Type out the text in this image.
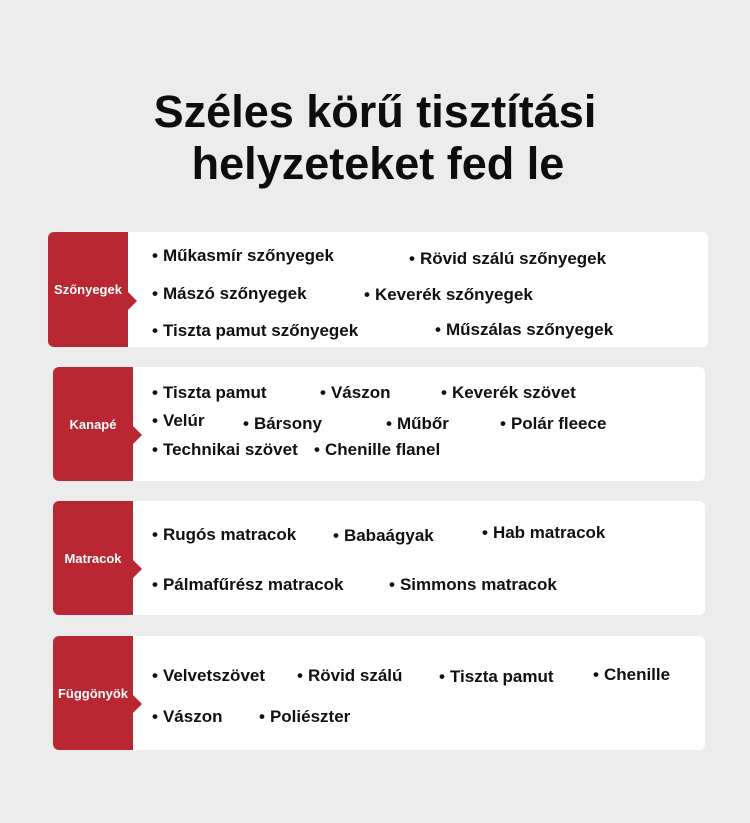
Széles körű tisztítási
helyzeteket fed le
Szőnyegek
• Műkasmír szőnyegek	• Rövid szálú szőnyegek
• Mászó szőnyegek	• Keverék szőnyegek
• Tiszta pamut szőnyegek	• Műszálas szőnyegek
Kanapé
• Tiszta pamut	• Vászon	• Keverék szövet
• Velúr • Bársony	• Műbőr	• Polár fleece
• Technikai szövet • Chenille flanel
Matracok
• Rugós matracok • Babaágyak	• Hab matracok
• Pálmafűrész matracok	• Simmons matracok
Függönyök
• Velvetszövet • Rövid szálú • Tiszta pamut • Chenille
• Vászon • Poliészter
